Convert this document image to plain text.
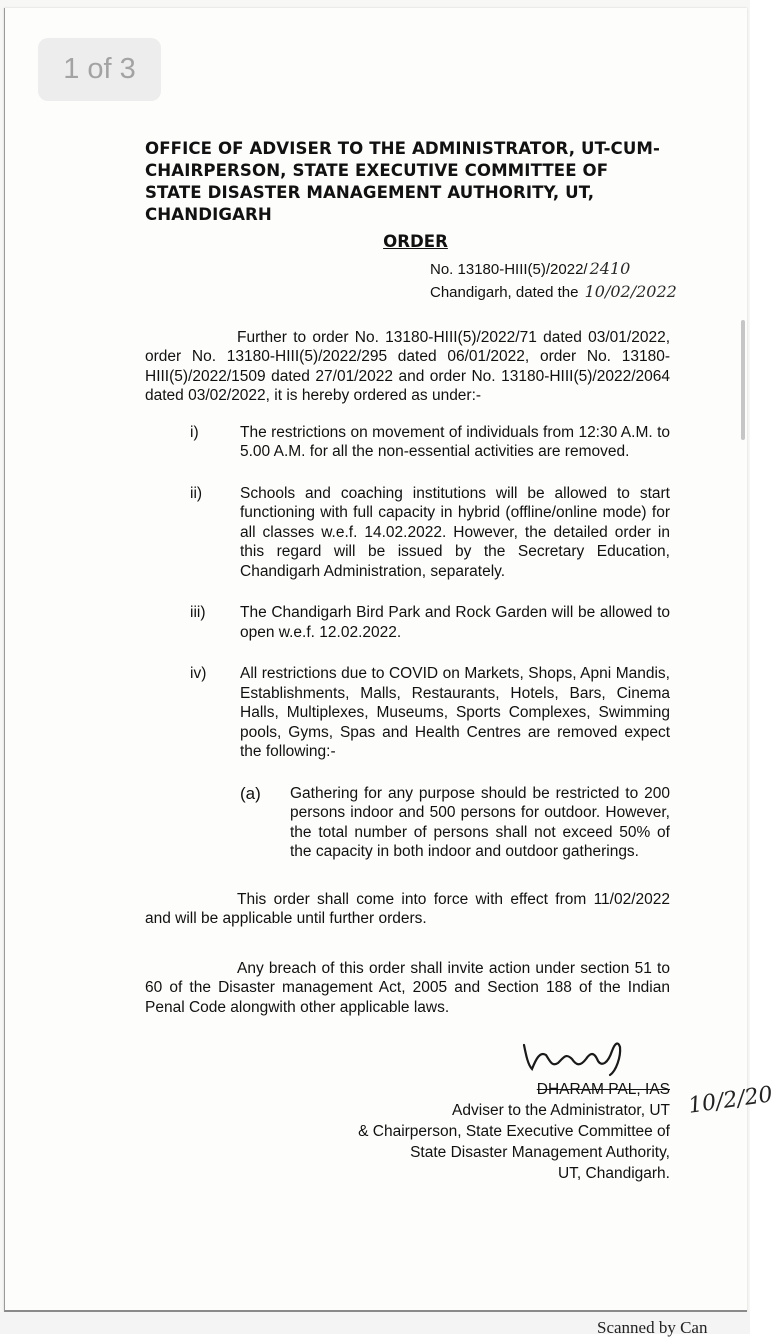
1 of 3

OFFICE OF ADVISER TO THE ADMINISTRATOR, UT-CUM-CHAIRPERSON, STATE EXECUTIVE COMMITTEE OF STATE DISASTER MANAGEMENT AUTHORITY, UT, CHANDIGARH

ORDER

No. 13180-HIII(5)/2022/ 2410
Chandigarh, dated the 10/02/2022

Further to order No. 13180-HIII(5)/2022/71 dated 03/01/2022, order No. 13180-HIII(5)/2022/295 dated 06/01/2022, order No. 13180-HIII(5)/2022/1509 dated 27/01/2022 and order No. 13180-HIII(5)/2022/2064 dated 03/02/2022, it is hereby ordered as under:-

i)	The restrictions on movement of individuals from 12:30 A.M. to 5.00 A.M. for all the non-essential activities are removed.
ii)	Schools and coaching institutions will be allowed to start functioning with full capacity in hybrid (offline/online mode) for all classes w.e.f. 14.02.2022. However, the detailed order in this regard will be issued by the Secretary Education, Chandigarh Administration, separately.
iii)	The Chandigarh Bird Park and Rock Garden will be allowed to open w.e.f. 12.02.2022.
iv)	All restrictions due to COVID on Markets, Shops, Apni Mandis, Establishments, Malls, Restaurants, Hotels, Bars, Cinema Halls, Multiplexes, Museums, Sports Complexes, Swimming pools, Gyms, Spas and Health Centres are removed expect the following:-
(a)	Gathering for any purpose should be restricted to 200 persons indoor and 500 persons for outdoor. However, the total number of persons shall not exceed 50% of the capacity in both indoor and outdoor gatherings.

This order shall come into force with effect from 11/02/2022 and will be applicable until further orders.

Any breach of this order shall invite action under section 51 to 60 of the Disaster management Act, 2005 and Section 188 of the Indian Penal Code alongwith other applicable laws.

DHARAM PAL, IAS
Adviser to the Administrator, UT
& Chairperson, State Executive Committee of
State Disaster Management Authority,
UT, Chandigarh.
10/2/20
Scanned by Can
